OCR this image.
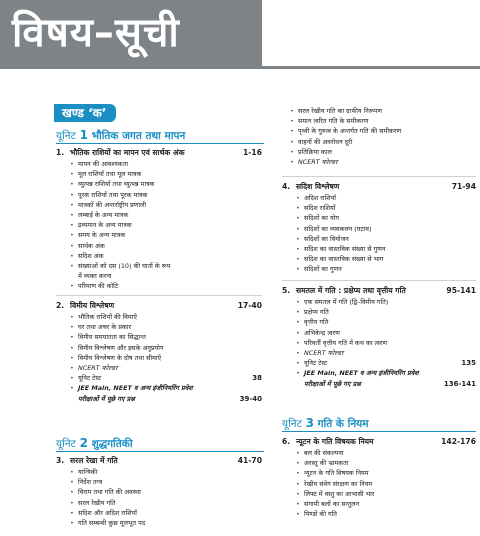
विषय–सूची
खण्ड ‘क’
यूनिट 1 भौतिक जगत तथा मापन
1. भौतिक राशियों का मापन एवं सार्थक अंक	1-16
• मापन की आवश्यकता
• मूल राशियाँ तथा मूल मात्रक
• व्युत्पन्न राशियाँ तथा व्युत्पन्न मात्रक
• पूरक राशियाँ तथा पूरक मात्रक
• मात्रकों की अन्तर्राष्ट्रीय प्रणाली
• लम्बाई के अन्य मात्रक
• द्रव्यमान के अन्य मात्रक
• समय के अन्य मात्रक
• सार्थक अंक
• सदिश अंक
• संख्याओं को दस (10) की घातों के रूप
में व्यक्त करना
• परिमाण की कोटि
2. विमीय विश्लेषण	17-40
• भौतिक राशियों की विमाएँ
• घर तथा अचर के प्रकार
• विमीय समघातता का सिद्धान्त
• विमीय विश्लेषण और इसके अनुप्रयोग
• विमीय विश्लेषण के दोष तथा सीमाएँ
• NCERT फोल्डर
• यूनिट टेस्ट	38
• JEE Main, NEET व अन्य इंजीनियरिंग प्रवेश
परीक्षाओं में पूछे गए प्रश्न	39-40
यूनिट 2 शुद्धगतिकी
3. सरल रेखा में गति	41-70
• यान्त्रिकी
• निर्देश तन्त्र
• विराम तथा गति की अवस्था
• सरल रेखीय गति
• सदिश और अदिश राशियाँ
• गति सम्बन्धी कुछ मूलभूत पद
• सरल रेखीय गति का ग्राफीय निरूपण
• समान त्वरित गति के समीकरण
• पृथ्वी के गुरुत्व के अन्तर्गत गति की समीकरण
• वाहनों की अवरोधन दूरी
• प्रतिक्रिया काल
• NCERT फोल्डर
4. सदिश विश्लेषण	71-94
• अदिश राशियाँ
• सदिश राशियाँ
• सदिशों का योग
• सदिशों का व्यवकलन (घटाव)
• सदिशों का वियोजन
• सदिश का वास्तविक संख्या से गुणन
• सदिश का वास्तविक संख्या से भाग
• सदिशों का गुणन
5. समतल में गति : प्रक्षेप्य तथा वृत्तीय गति	95-141
• एक समतल में गति (द्वि–विमीय गति)
• प्रक्षेप्य गति
• वृत्तीय गति
• अभिकेन्द्र त्वरण
• परिवर्ती वृत्तीय गति में कथ का त्वरण
• NCERT फोल्डर
• यूनिट टेस्ट	135
• JEE Main, NEET व अन्य इंजीनियरिंग प्रवेश
परीक्षाओं में पूछे गए प्रश्न	136-141
यूनिट 3 गति के नियम
6. न्यूटन के गति विषयक नियम	142-176
• बल की संकल्पना
• अरस्तू की भ्रामकता
• न्यूटन के गति विषयक नियम
• रेखीय संवेग संरक्षण का नियम
• लिफ्ट में वस्तु का आभासी भार
• संगामी बलों का सन्तुलन
• पिण्डों की गति
